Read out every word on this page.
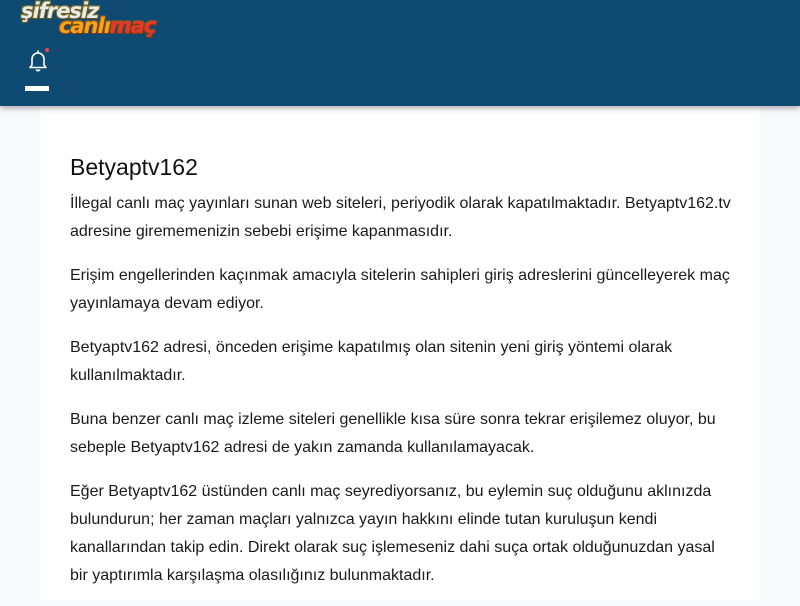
şifresiz
canlımaç
Betyaptv162

İllegal canlı maç yayınları sunan web siteleri, periyodik olarak kapatılmaktadır. Betyaptv162.tv adresine girememenizin sebebi erişime kapanmasıdır.

Erişim engellerinden kaçınmak amacıyla sitelerin sahipleri giriş adreslerini güncelleyerek maç yayınlamaya devam ediyor.

Betyaptv162 adresi, önceden erişime kapatılmış olan sitenin yeni giriş yöntemi olarak kullanılmaktadır.

Buna benzer canlı maç izleme siteleri genellikle kısa süre sonra tekrar erişilemez oluyor, bu sebeple Betyaptv162 adresi de yakın zamanda kullanılamayacak.

Eğer Betyaptv162 üstünden canlı maç seyrediyorsanız, bu eylemin suç olduğunu aklınızda bulundurun; her zaman maçları yalnızca yayın hakkını elinde tutan kuruluşun kendi kanallarından takip edin. Direkt olarak suç işlemeseniz dahi suça ortak olduğunuzdan yasal bir yaptırımla karşılaşma olasılığınız bulunmaktadır.
